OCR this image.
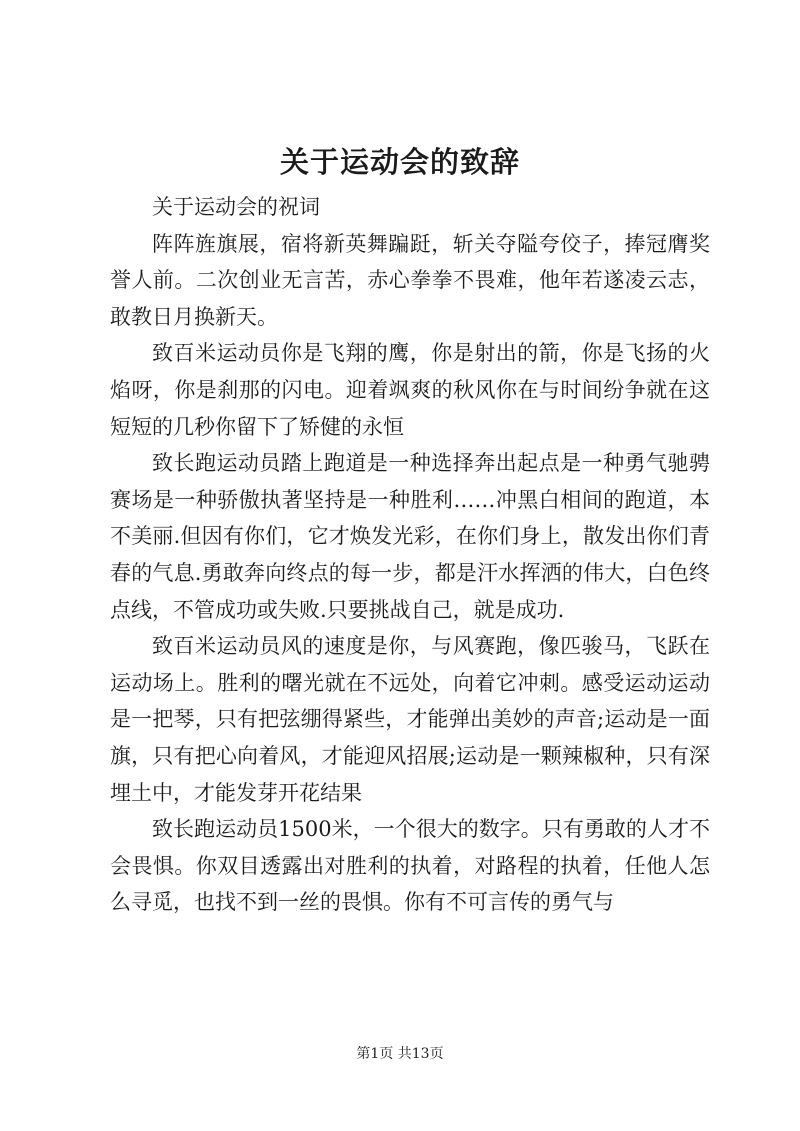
关于运动会的致辞

关于运动会的祝词

阵阵旌旗展，宿将新英舞蹁跹，斩关夺隘夸佼子，捧冠膺奖誉人前。二次创业无言苦，赤心拳拳不畏难，他年若遂凌云志，敢教日月换新天。

致百米运动员你是飞翔的鹰，你是射出的箭，你是飞扬的火焰呀，你是刹那的闪电。迎着飒爽的秋风你在与时间纷争就在这短短的几秒你留下了矫健的永恒

致长跑运动员踏上跑道是一种选择奔出起点是一种勇气驰骋赛场是一种骄傲执著坚持是一种胜利……冲黑白相间的跑道，本不美丽.但因有你们，它才焕发光彩，在你们身上，散发出你们青春的气息.勇敢奔向终点的每一步，都是汗水挥洒的伟大，白色终点线，不管成功或失败.只要挑战自己，就是成功.

致百米运动员风的速度是你，与风赛跑，像匹骏马，飞跃在运动场上。胜利的曙光就在不远处，向着它冲刺。感受运动运动是一把琴，只有把弦绷得紧些，才能弹出美妙的声音;运动是一面旗，只有把心向着风，才能迎风招展;运动是一颗辣椒种，只有深埋土中，才能发芽开花结果

致长跑运动员1500米，一个很大的数字。只有勇敢的人才不会畏惧。你双目透露出对胜利的执着，对路程的执着，任他人怎么寻觅，也找不到一丝的畏惧。你有不可言传的勇气与

第1页 共13页
